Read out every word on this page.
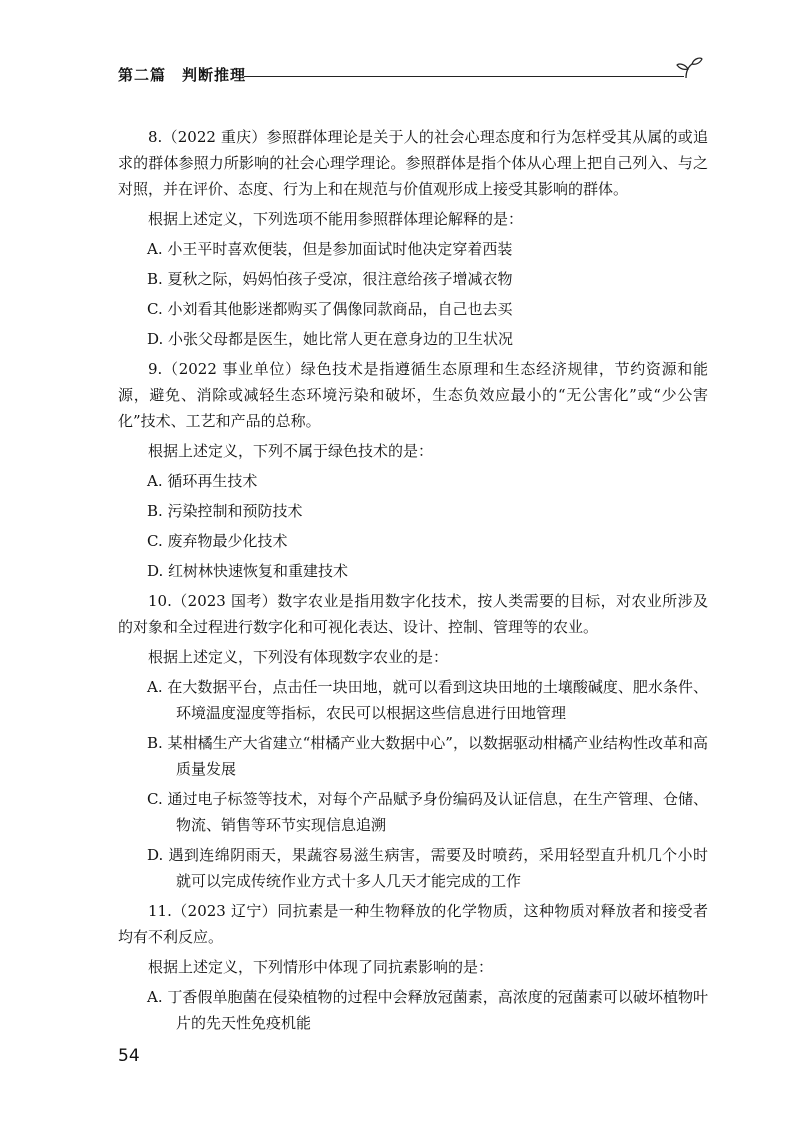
第二篇　判断推理

8.（2022 重庆）参照群体理论是关于人的社会心理态度和行为怎样受其从属的或追求的群体参照力所影响的社会心理学理论。参照群体是指个体从心理上把自己列入、与之对照，并在评价、态度、行为上和在规范与价值观形成上接受其影响的群体。

根据上述定义，下列选项不能用参照群体理论解释的是：

A. 小王平时喜欢便装，但是参加面试时他决定穿着西装

B. 夏秋之际，妈妈怕孩子受凉，很注意给孩子增减衣物

C. 小刘看其他影迷都购买了偶像同款商品，自己也去买

D. 小张父母都是医生，她比常人更在意身边的卫生状况

9.（2022 事业单位）绿色技术是指遵循生态原理和生态经济规律，节约资源和能源，避免、消除或减轻生态环境污染和破坏，生态负效应最小的“无公害化”或“少公害化”技术、工艺和产品的总称。

根据上述定义，下列不属于绿色技术的是：

A. 循环再生技术

B. 污染控制和预防技术

C. 废弃物最少化技术

D. 红树林快速恢复和重建技术

10.（2023 国考）数字农业是指用数字化技术，按人类需要的目标，对农业所涉及的对象和全过程进行数字化和可视化表达、设计、控制、管理等的农业。

根据上述定义，下列没有体现数字农业的是：

A. 在大数据平台，点击任一块田地，就可以看到这块田地的土壤酸碱度、肥水条件、环境温度湿度等指标，农民可以根据这些信息进行田地管理

B. 某柑橘生产大省建立“柑橘产业大数据中心”，以数据驱动柑橘产业结构性改革和高质量发展

C. 通过电子标签等技术，对每个产品赋予身份编码及认证信息，在生产管理、仓储、物流、销售等环节实现信息追溯

D. 遇到连绵阴雨天，果蔬容易滋生病害，需要及时喷药，采用轻型直升机几个小时就可以完成传统作业方式十多人几天才能完成的工作

11.（2023 辽宁）同抗素是一种生物释放的化学物质，这种物质对释放者和接受者均有不利反应。

根据上述定义，下列情形中体现了同抗素影响的是：

A. 丁香假单胞菌在侵染植物的过程中会释放冠菌素，高浓度的冠菌素可以破坏植物叶片的先天性免疫机能

54
